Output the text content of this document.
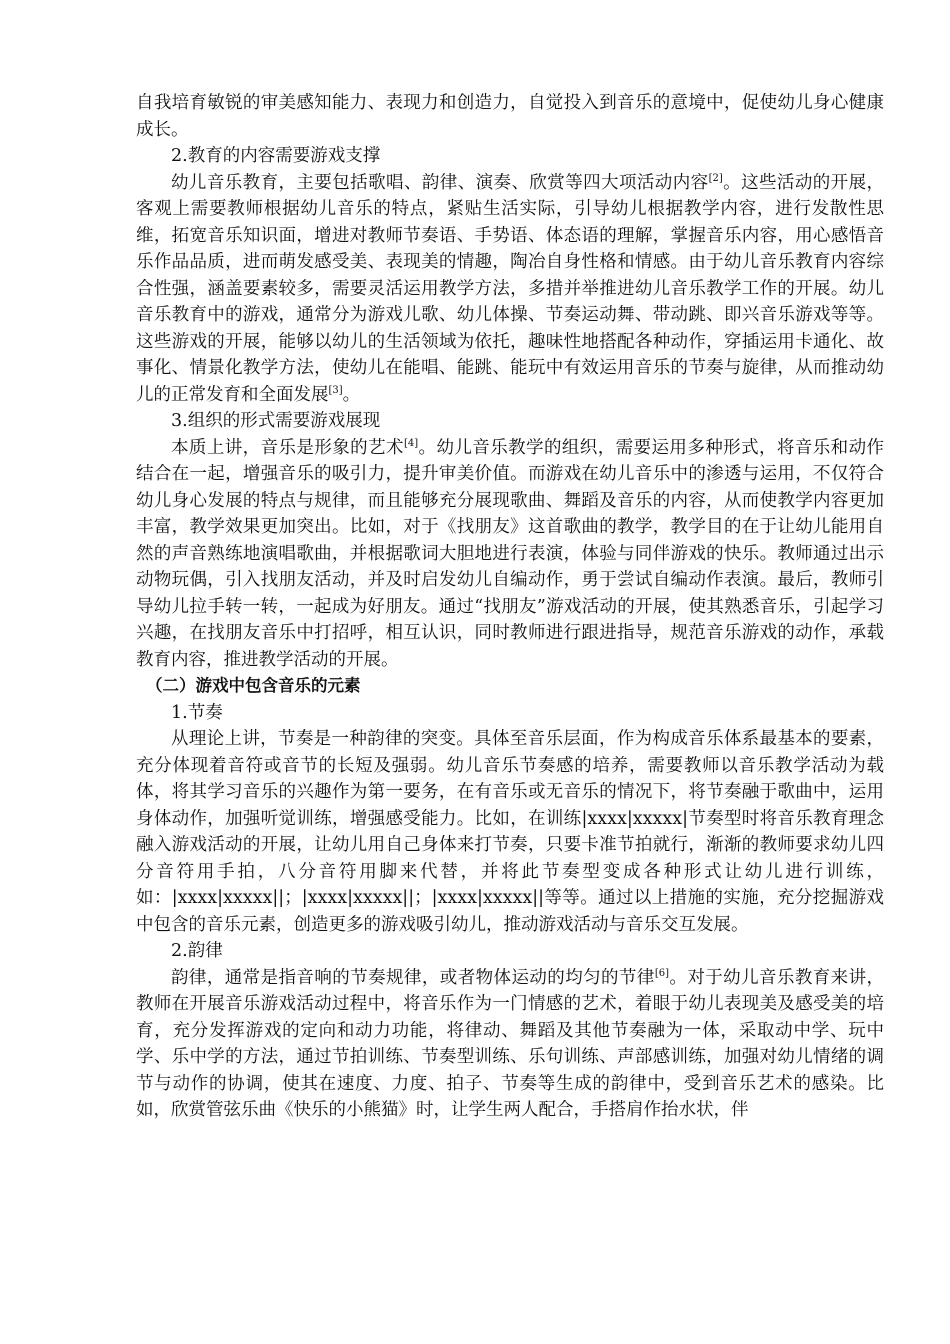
自我培育敏锐的审美感知能力、表现力和创造力，自觉投入到音乐的意境中，促使幼儿身心健康成长。

2.教育的内容需要游戏支撑

幼儿音乐教育，主要包括歌唱、韵律、演奏、欣赏等四大项活动内容[2]。这些活动的开展，客观上需要教师根据幼儿音乐的特点，紧贴生活实际，引导幼儿根据教学内容，进行发散性思维，拓宽音乐知识面，增进对教师节奏语、手势语、体态语的理解，掌握音乐内容，用心感悟音乐作品品质，进而萌发感受美、表现美的情趣，陶冶自身性格和情感。由于幼儿音乐教育内容综合性强，涵盖要素较多，需要灵活运用教学方法，多措并举推进幼儿音乐教学工作的开展。幼儿音乐教育中的游戏，通常分为游戏儿歌、幼儿体操、节奏运动舞、带动跳、即兴音乐游戏等等。这些游戏的开展，能够以幼儿的生活领域为依托，趣味性地搭配各种动作，穿插运用卡通化、故事化、情景化教学方法，使幼儿在能唱、能跳、能玩中有效运用音乐的节奏与旋律，从而推动幼儿的正常发育和全面发展[3]。

3.组织的形式需要游戏展现

本质上讲，音乐是形象的艺术[4]。幼儿音乐教学的组织，需要运用多种形式，将音乐和动作结合在一起，增强音乐的吸引力，提升审美价值。而游戏在幼儿音乐中的渗透与运用，不仅符合幼儿身心发展的特点与规律，而且能够充分展现歌曲、舞蹈及音乐的内容，从而使教学内容更加丰富，教学效果更加突出。比如，对于《找朋友》这首歌曲的教学，教学目的在于让幼儿能用自然的声音熟练地演唱歌曲，并根据歌词大胆地进行表演，体验与同伴游戏的快乐。教师通过出示动物玩偶，引入找朋友活动，并及时启发幼儿自编动作，勇于尝试自编动作表演。最后，教师引导幼儿拉手转一转，一起成为好朋友。通过“找朋友”游戏活动的开展，使其熟悉音乐，引起学习兴趣，在找朋友音乐中打招呼，相互认识，同时教师进行跟进指导，规范音乐游戏的动作，承载教育内容，推进教学活动的开展。

（二）游戏中包含音乐的元素

1.节奏

从理论上讲，节奏是一种韵律的突变。具体至音乐层面，作为构成音乐体系最基本的要素，充分体现着音符或音节的长短及强弱。幼儿音乐节奏感的培养，需要教师以音乐教学活动为载体，将其学习音乐的兴趣作为第一要务，在有音乐或无音乐的情况下，将节奏融于歌曲中，运用身体动作，加强听觉训练，增强感受能力。比如，在训练|xxxx|xxxxx|节奏型时将音乐教育理念融入游戏活动的开展，让幼儿用自己身体来打节奏，只要卡准节拍就行，渐渐的教师要求幼儿四分音符用手拍，八分音符用脚来代替，并将此节奏型变成各种形式让幼儿进行训练，如：|xxxx|xxxxx||；|xxxx|xxxxx||；|xxxx|xxxxx||等等。通过以上措施的实施，充分挖掘游戏中包含的音乐元素，创造更多的游戏吸引幼儿，推动游戏活动与音乐交互发展。

2.韵律

韵律，通常是指音响的节奏规律，或者物体运动的均匀的节律[6]。对于幼儿音乐教育来讲，教师在开展音乐游戏活动过程中，将音乐作为一门情感的艺术，着眼于幼儿表现美及感受美的培育，充分发挥游戏的定向和动力功能，将律动、舞蹈及其他节奏融为一体，采取动中学、玩中学、乐中学的方法，通过节拍训练、节奏型训练、乐句训练、声部感训练，加强对幼儿情绪的调节与动作的协调，使其在速度、力度、拍子、节奏等生成的韵律中，受到音乐艺术的感染。比如，欣赏管弦乐曲《快乐的小熊猫》时，让学生两人配合，手搭肩作抬水状，伴
